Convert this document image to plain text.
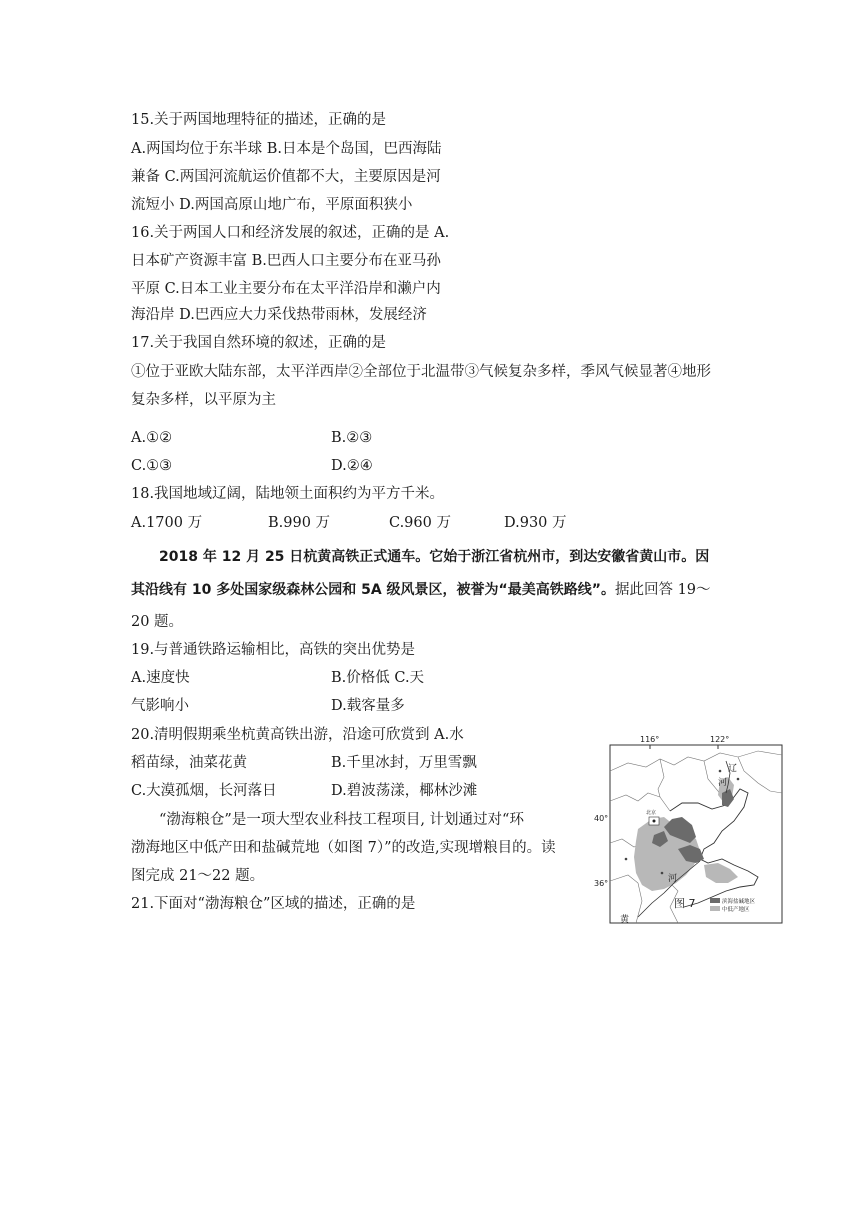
15.关于两国地理特征的描述，正确的是
A.两国均位于东半球 B.日本是个岛国，巴西海陆
兼备 C.两国河流航运价值都不大，主要原因是河
流短小 D.两国高原山地广布，平原面积狭小
16.关于两国人口和经济发展的叙述，正确的是 A.
日本矿产资源丰富 B.巴西人口主要分布在亚马孙
平原 C.日本工业主要分布在太平洋沿岸和濑户内
海沿岸 D.巴西应大力采伐热带雨林，发展经济
17.关于我国自然环境的叙述，正确的是
①位于亚欧大陆东部，太平洋西岸②全部位于北温带③气候复杂多样，季风气候显著④地形
复杂多样，以平原为主
A.①②	B.②③
C.①③	D.②④
18.我国地域辽阔，陆地领土面积约为平方千米。
A.1700 万	B.990 万	C.960 万	D.930 万
2018 年 12 月 25 日杭黄高铁正式通车。它始于浙江省杭州市，到达安徽省黄山市。因
其沿线有 10 多处国家级森林公园和 5A 级风景区，被誉为“最美高铁路线”。据此回答 19～
20 题。
19.与普通铁路运输相比，高铁的突出优势是
A.速度快	B.价格低 C.天
气影响小	D.载客量多
20.清明假期乘坐杭黄高铁出游，沿途可欣赏到 A.水
稻苗绿，油菜花黄	B.千里冰封，万里雪飘
C.大漠孤烟，长河落日	D.碧波荡漾，椰林沙滩
“渤海粮仓”是一项大型农业科技工程项目, 计划通过对“环
渤海地区中低产田和盐碱荒地（如图 7）”的改造,实现增粮目的。读
图完成 21～22 题。
21.下面对“渤海粮仓”区域的描述，正确的是
116°	122°
40°
36°
北京
辽
河
河
黄
图 7	滨海盐碱地区
中低产地区
